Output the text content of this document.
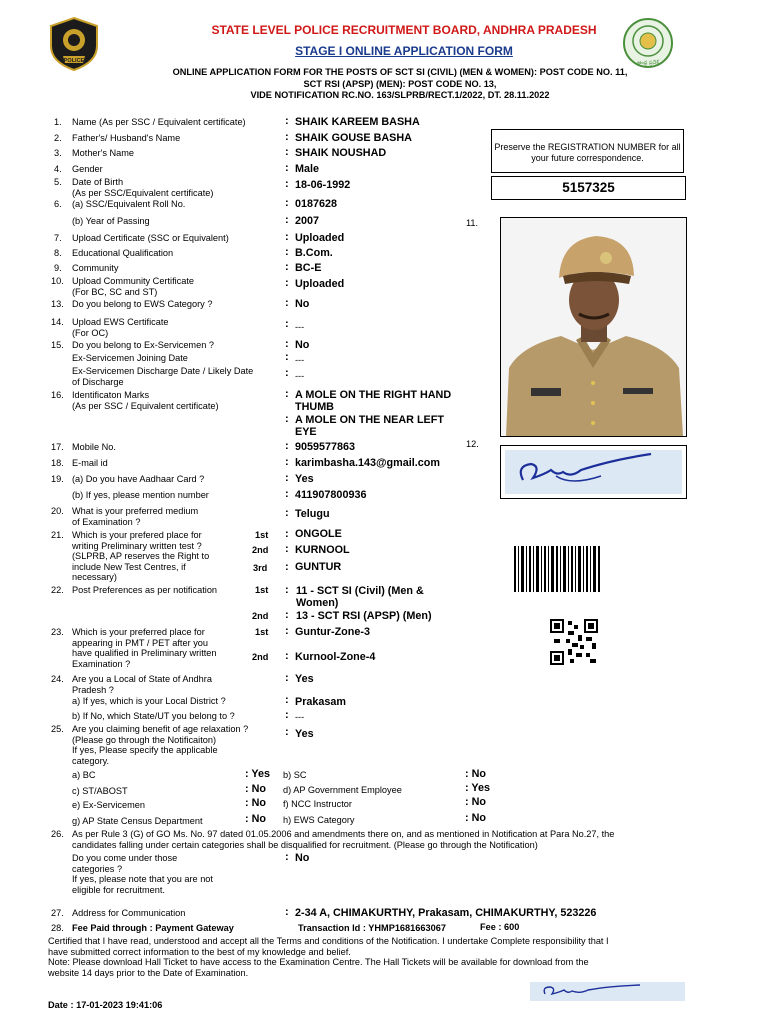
POLICE	ఆంధ్ర ప్రదేశ్
STATE LEVEL POLICE RECRUITMENT BOARD, ANDHRA PRADESH
STAGE I ONLINE APPLICATION FORM
ONLINE APPLICATION FORM FOR THE POSTS OF SCT SI (CIVIL) (MEN & WOMEN): POST CODE NO. 11,
SCT RSI (APSP) (MEN): POST CODE NO. 13,
VIDE NOTIFICATION RC.NO. 163/SLPRB/RECT.1/2022, DT. 28.11.2022
Preserve the REGISTRATION NUMBER for all your future correspondence.
5157325
11.
12.
1. Name (As per SSC / Equivalent certificate)	: SHAIK KAREEM BASHA
2. Father's/ Husband's Name	: SHAIK GOUSE BASHA
3. Mother's Name	: SHAIK NOUSHAD
4. Gender	: Male
5. Date of Birth
(As per SSC/Equivalent certificate)
: 18-06-1992
6. (a) SSC/Equivalent Roll No.	: 0187628
(b) Year of Passing	: 2007
7. Upload Certificate (SSC or Equivalent)	: Uploaded
8. Educational Qualification	: B.Com.
9. Community	: BC-E
10. Upload Community Certificate
(For BC, SC and ST)
: Uploaded
13. Do you belong to EWS Category ?	: No
14. Upload EWS Certificate
(For OC)
: ---
15. Do you belong to Ex-Servicemen ?	: No
Ex-Servicemen Joining Date	: ---
Ex-Servicemen Discharge Date / Likely Date
of Discharge
: ---
16. Identificaton Marks
(As per SSC / Equivalent certificate)
: A MOLE ON THE RIGHT HAND
THUMB
A MOLE ON THE NEAR LEFT
EYE
:
17. Mobile No.	: 9059577863
18. E-mail id	: karimbasha.143@gmail.com
19. (a) Do you have Aadhaar Card ?	: Yes
(b) If yes, please mention number	: 411907800936
20. What is your preferred medium
of Examination ?
: Telugu
21. Which is your prefered place for
writing Preliminary written test ?
(SLPRB, AP reserves the Right to
include New Test Centres, if
necessary)
1st : ONGOLE
2nd : KURNOOL
3rd : GUNTUR
22. Post Preferences as per notification	1st : 11 - SCT SI (Civil) (Men &
Women)
2nd : 13 - SCT RSI (APSP) (Men)
23. Which is your preferred place for
appearing in PMT / PET after you
have qualified in Preliminary written
Examination ?
1st : Guntur-Zone-3
2nd : Kurnool-Zone-4
24. Are you a Local of State of Andhra
Pradesh ?
: Yes
a) If yes, which is your Local District ?	: Prakasam
b) If No, which State/UT you belong to ?	: ---
25. Are you claiming benefit of age relaxation ?
(Please go through the Notificaiton)
If yes, Please specify the applicable
category.
: Yes
a) BC	: Yes
c) ST/ABOST	: No
e) Ex-Servicemen	: No
g) AP State Census Department	: No
b) SC	: No
d) AP Government Employee	: Yes
f) NCC Instructor	: No
h) EWS Category	: No
26. As per Rule 3 (G) of GO Ms. No. 97 dated 01.05.2006 and amendments there on, and as mentioned in Notification at Para No.27, the
candidates falling under certain categories shall be disqualified for recruitment. (Please go through the Notification)
Do you come under those
categories ?
If yes, please note that you are not
eligible for recruitment.
: No
27. Address for Communication	: 2-34 A, CHIMAKURTHY, Prakasam, CHIMAKURTHY, 523226
28. Fee Paid through : Payment Gateway	Transaction Id : YHMP1681663067	Fee : 600
Certified that I have read, understood and accept all the Terms and conditions of the Notification. I undertake Complete responsibility that I
have submitted correct information to the best of my knowledge and belief.
Note: Please download Hall Ticket to have access to the Examination Centre. The Hall Tickets will be available for download from the
website 14 days prior to the Date of Examination.
Date : 17-01-2023 19:41:06
